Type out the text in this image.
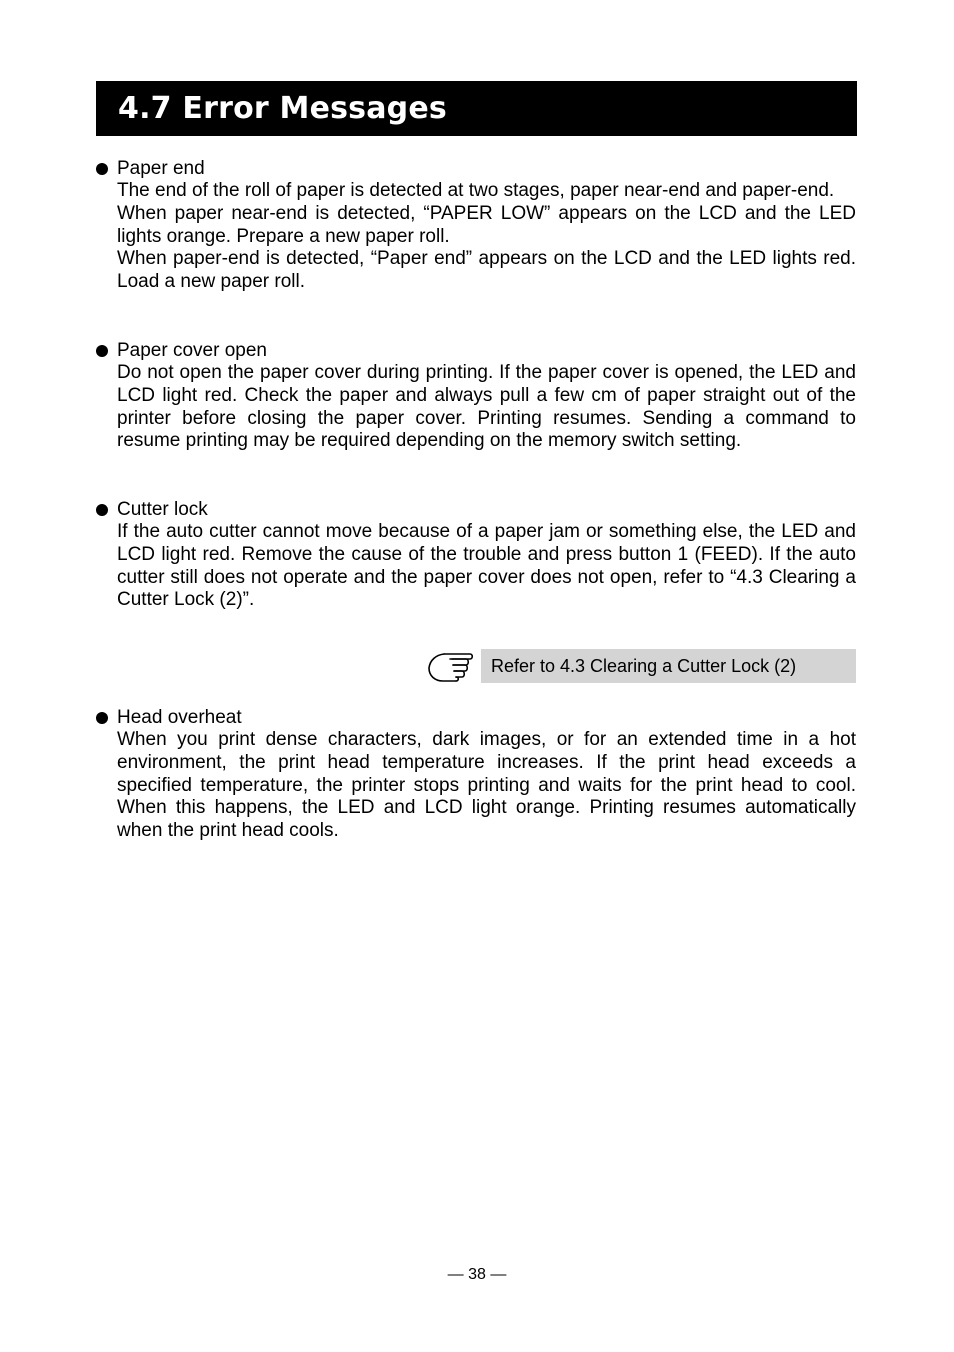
4.7 Error Messages
Paper end

The end of the roll of paper is detected at two stages, paper near-end and paper-end.

When paper near-end is detected, “PAPER LOW” appears on the LCD and the LED lights orange. Prepare a new paper roll.

When paper-end is detected, “Paper end” appears on the LCD and the LED lights red. Load a new paper roll.

Paper cover open

Do not open the paper cover during printing. If the paper cover is opened, the LED and LCD light red. Check the paper and always pull a few cm of paper straight out of the printer before closing the paper cover. Printing resumes. Sending a command to resume printing may be required depending on the memory switch setting.

Cutter lock

If the auto cutter cannot move because of a paper jam or something else, the LED and LCD light red. Remove the cause of the trouble and press button 1 (FEED). If the auto cutter still does not operate and the paper cover does not open, refer to “4.3 Clearing a Cutter Lock (2)”.

Refer to 4.3 Clearing a Cutter Lock (2)
Head overheat

When you print dense characters, dark images, or for an extended time in a hot environment, the print head temperature increases. If the print head exceeds a specified temperature, the printer stops printing and waits for the print head to cool. When this happens, the LED and LCD light orange. Printing resumes automatically when the print head cools.

— 38 —
